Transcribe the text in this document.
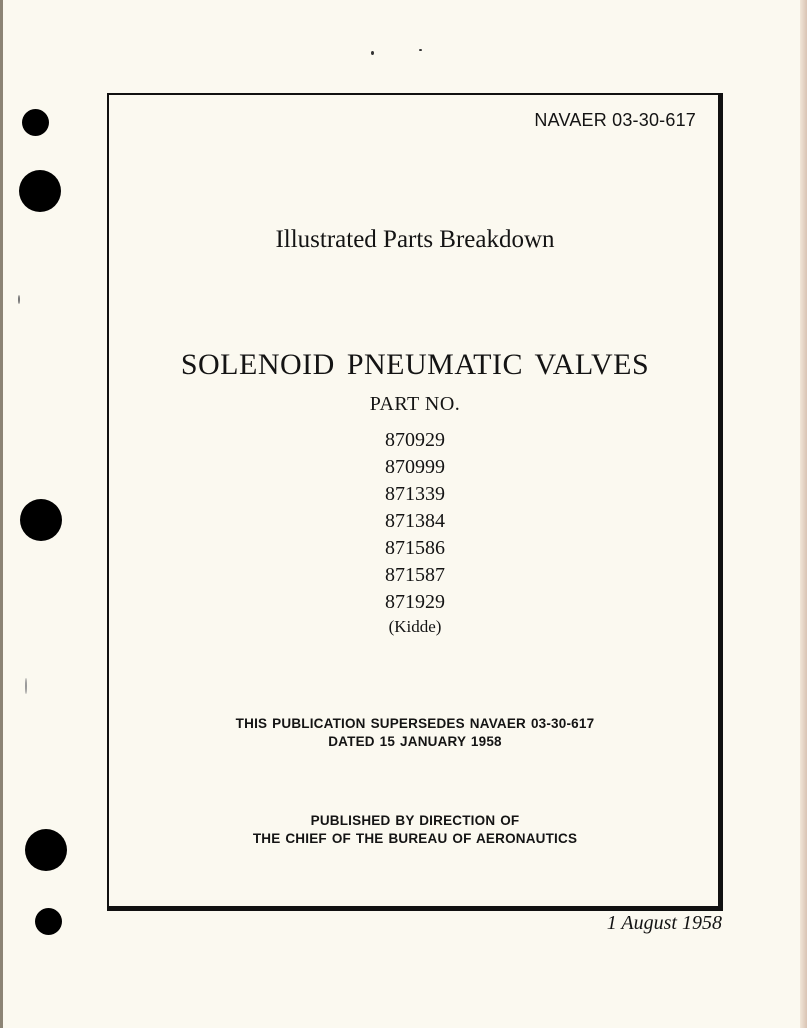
NAVAER 03-30-617
Illustrated Parts Breakdown
SOLENOID PNEUMATIC VALVES
PART NO.
870929
870999
871339
871384
871586
871587
871929
(Kidde)
THIS PUBLICATION SUPERSEDES NAVAER 03-30-617
DATED 15 JANUARY 1958
PUBLISHED BY DIRECTION OF
THE CHIEF OF THE BUREAU OF AERONAUTICS
1 August 1958
